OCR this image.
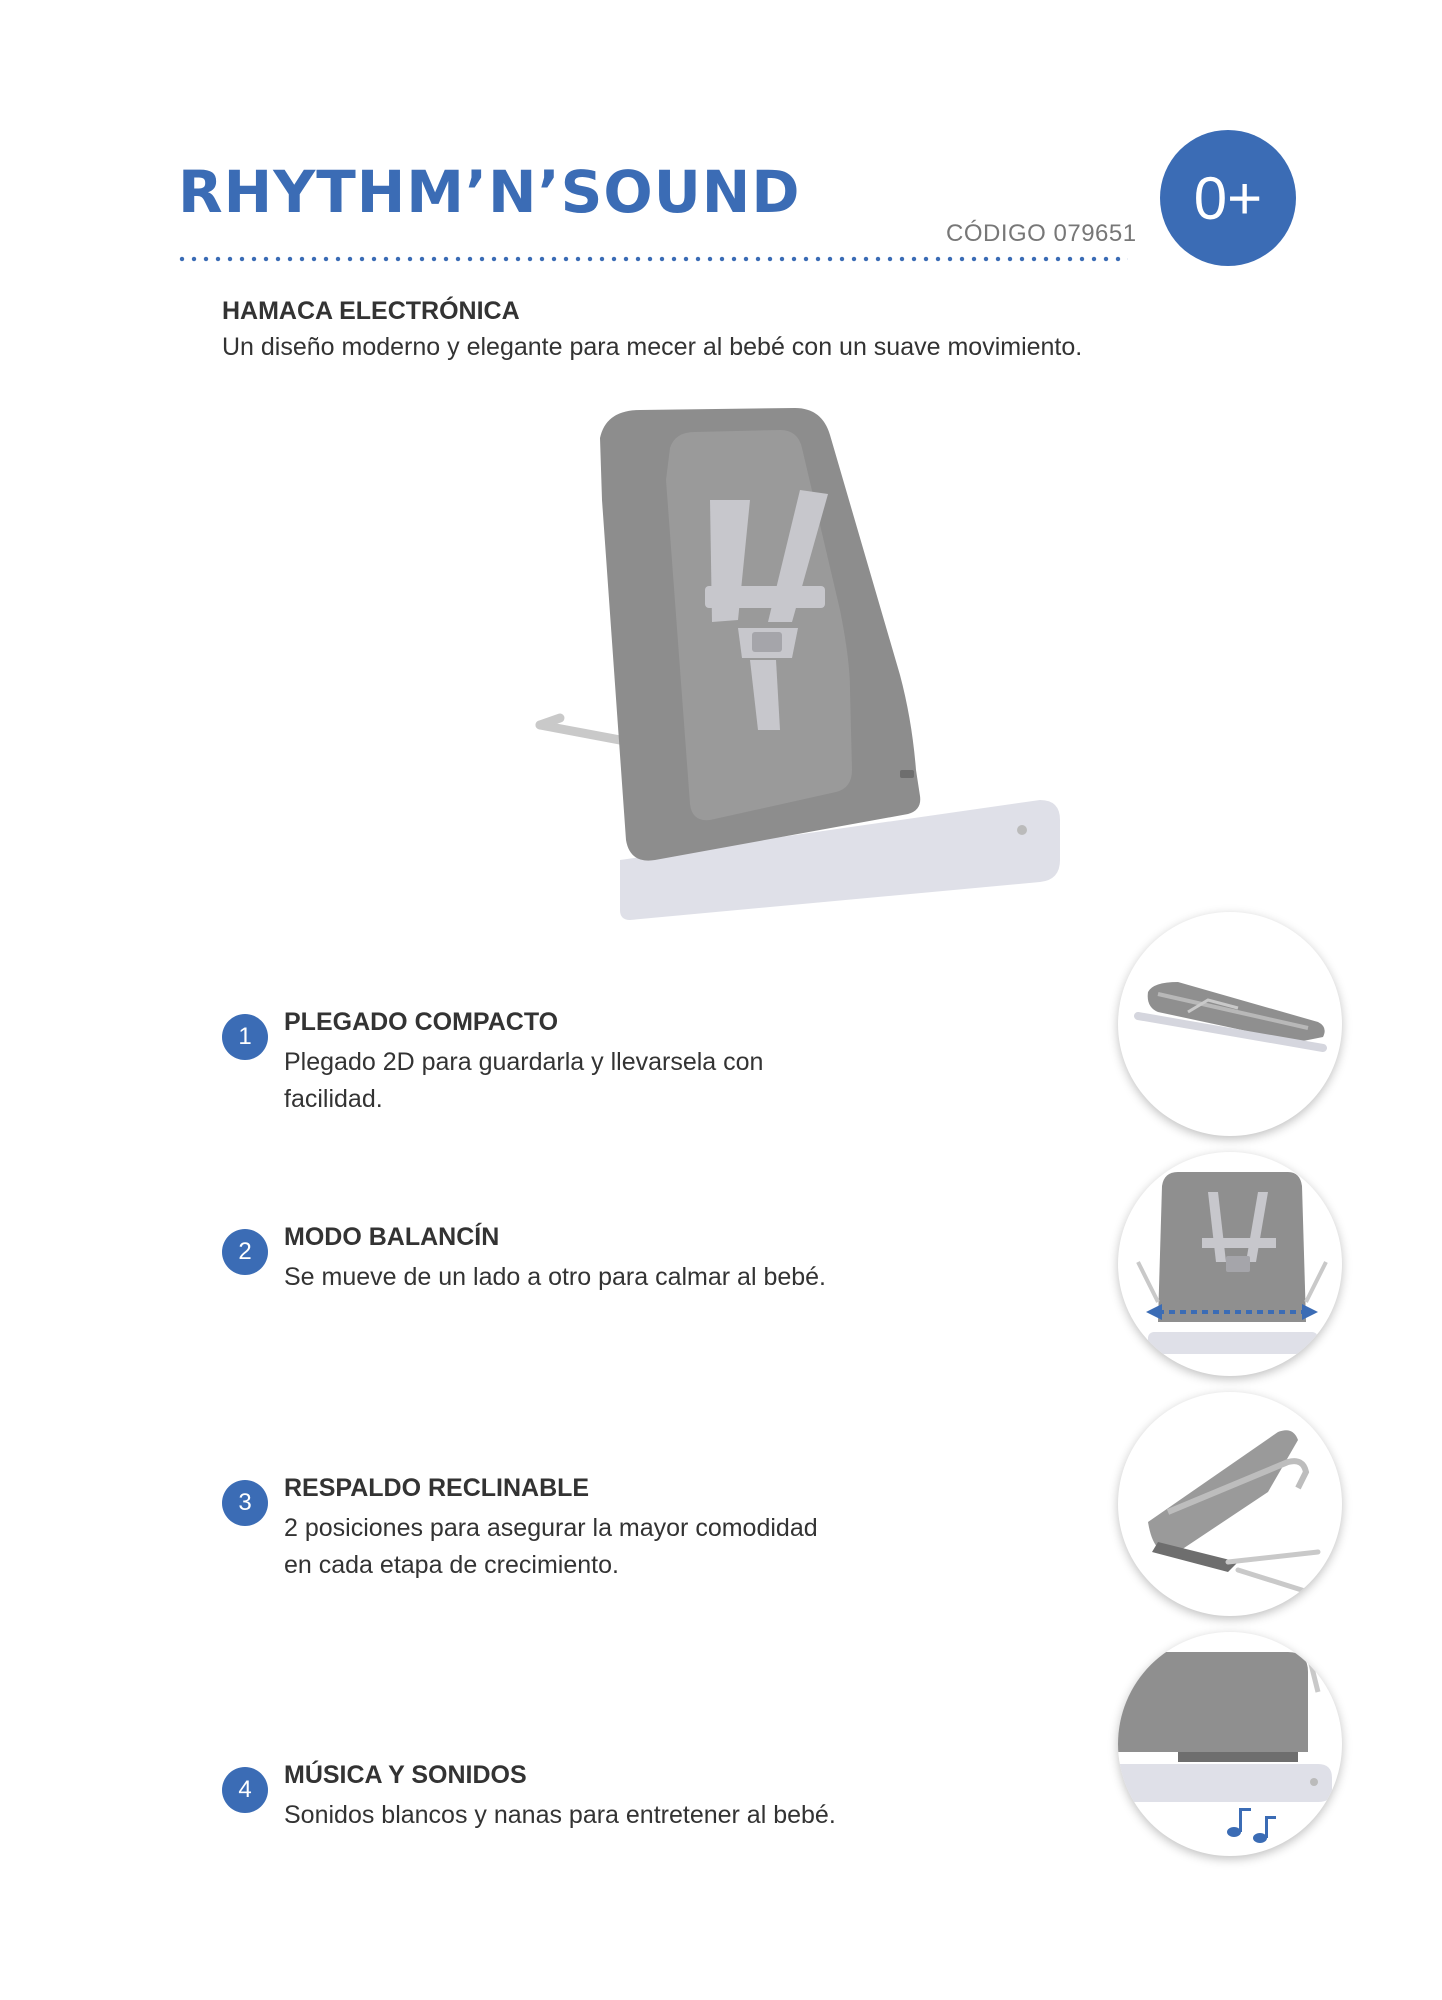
RHYTHM’N’SOUND
CÓDIGO 079651
0+
HAMACA ELECTRÓNICA
Un diseño moderno y elegante para mecer al bebé con un suave movimiento.
1
PLEGADO COMPACTO
Plegado 2D para guardarla y llevarsela con facilidad.
2
MODO BALANCÍN
Se mueve de un lado a otro para calmar al bebé.
3
RESPALDO RECLINABLE
2 posiciones para asegurar la mayor comodidad en cada etapa de crecimiento.
4
MÚSICA Y SONIDOS
Sonidos blancos y nanas para entretener al bebé.
